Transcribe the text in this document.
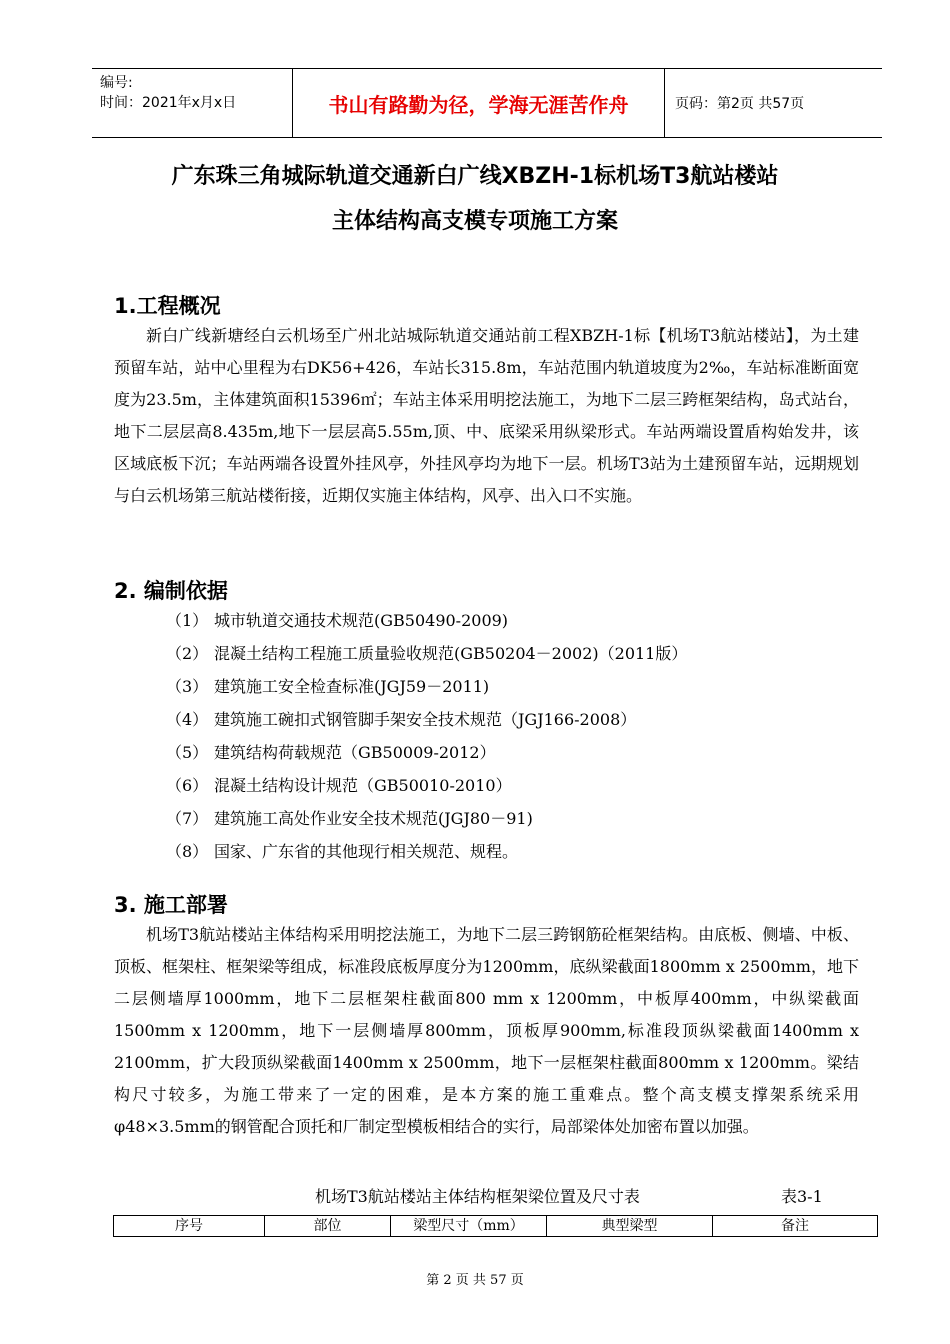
编号:
时间：2021年x月x日	书山有路勤为径，学海无涯苦作舟	页码：第2页 共57页
广东珠三角城际轨道交通新白广线XBZH-1标机场T3航站楼站
主体结构高支模专项施工方案
1.工程概况

新白广线新塘经白云机场至广州北站城际轨道交通站前工程XBZH-1标【机场T3航站楼站】，为土建预留车站，站中心里程为右DK56+426，车站长315.8m，车站范围内轨道坡度为2‰，车站标准断面宽度为23.5m，主体建筑面积15396㎡；车站主体采用明挖法施工，为地下二层三跨框架结构，岛式站台，地下二层层高8.435m,地下一层层高5.55m,顶、中、底梁采用纵梁形式。车站两端设置盾构始发井，该区域底板下沉；车站两端各设置外挂风亭，外挂风亭均为地下一层。机场T3站为土建预留车站，远期规划与白云机场第三航站楼衔接，近期仅实施主体结构，风亭、出入口不实施。

2. 编制依据
（1） 城市轨道交通技术规范(GB50490-2009)
（2） 混凝土结构工程施工质量验收规范(GB50204－2002)（2011版）
（3） 建筑施工安全检查标准(JGJ59－2011)
（4） 建筑施工碗扣式钢管脚手架安全技术规范（JGJ166-2008）
（5） 建筑结构荷载规范（GB50009-2012）
（6） 混凝土结构设计规范（GB50010-2010）
（7） 建筑施工高处作业安全技术规范(JGJ80－91)
（8） 国家、广东省的其他现行相关规范、规程。
3. 施工部署

机场T3航站楼站主体结构采用明挖法施工，为地下二层三跨钢筋砼框架结构。由底板、侧墙、中板、顶板、框架柱、框架梁等组成，标准段底板厚度分为1200mm，底纵梁截面1800mm x 2500mm，地下二层侧墙厚1000mm，地下二层框架柱截面800 mm x 1200mm，中板厚400mm，中纵梁截面1500mm x 1200mm，地下一层侧墙厚800mm，顶板厚900mm,标准段顶纵梁截面1400mm x 2100mm，扩大段顶纵梁截面1400mm x 2500mm，地下一层框架柱截面800mm x 1200mm。梁结构尺寸较多，为施工带来了一定的困难，是本方案的施工重难点。整个高支模支撑架系统采用φ48×3.5mm的钢管配合顶托和厂制定型模板相结合的实行，局部梁体处加密布置以加强。

机场T3航站楼站主体结构框架梁位置及尺寸表	表3-1
序号	部位	梁型尺寸（mm）	典型梁型	备注
第 2 页 共 57 页
